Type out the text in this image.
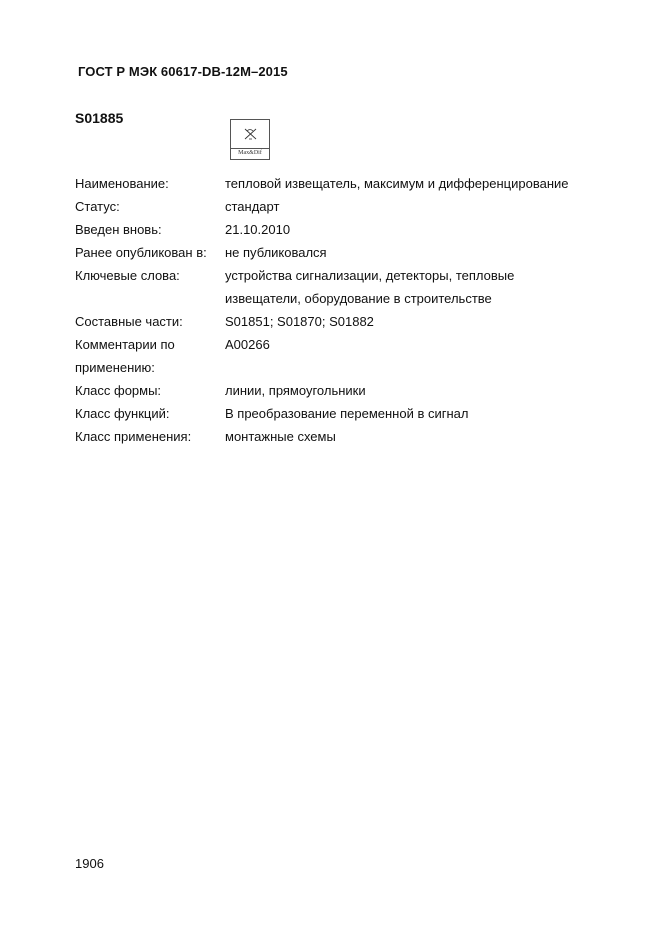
ГОСТ Р МЭК 60617-DB-12M–2015
S01885
Max&Dif
Наименование:	тепловой извещатель, максимум и дифференцирование
Статус:	стандарт
Введен вновь:	21.10.2010
Ранее опубликован в:	не публиковался
Ключевые слова:	устройства сигнализации, детекторы, тепловые
извещатели, оборудование в строительстве
Составные части:	S01851; S01870; S01882
Комментарии по
применению:
A00266
Класс формы:	линии, прямоугольники
Класс функций:	В преобразование переменной в сигнал
Класс применения:	монтажные схемы
1906
